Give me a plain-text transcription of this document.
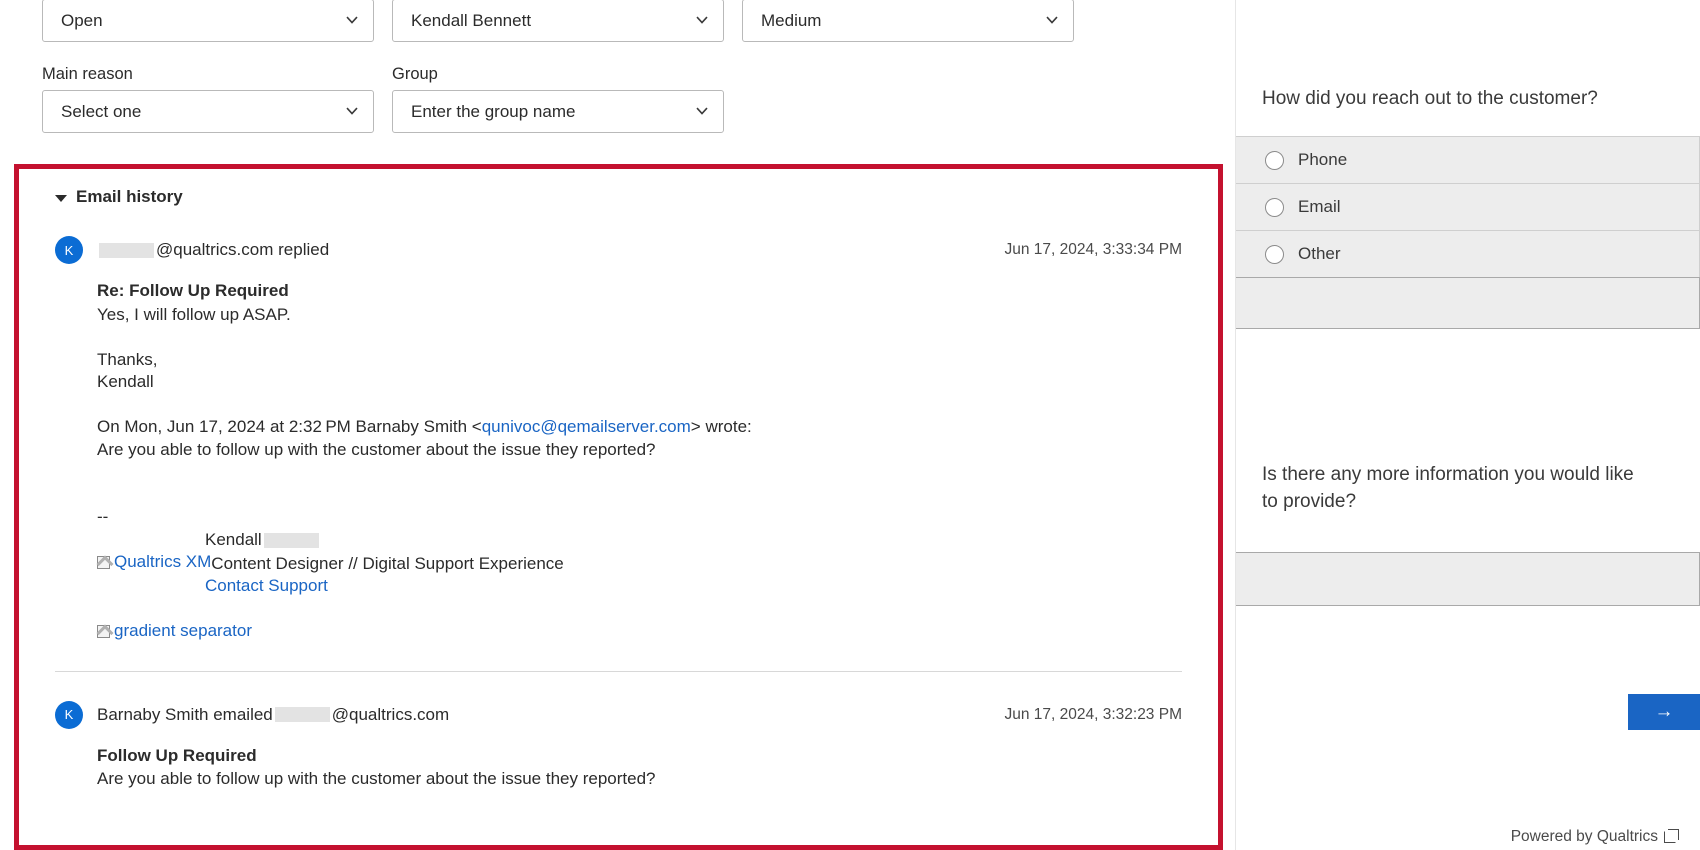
Open	Kendall Bennett	Medium
Main reason
Select one
Group
Enter the group name
Email history
K	@qualtrics.com replied	Jun 17, 2024, 3:33:34 PM
Re: Follow Up Required
Yes, I will follow up ASAP.
Thanks,
Kendall
On Mon, Jun 17, 2024 at 2:32 PM Barnaby Smith <qunivoc@qemailserver.com> wrote:
Are you able to follow up with the customer about the issue they reported?
--
Kendall
Qualtrics XM Content Designer // Digital Support Experience
Contact Support
gradient separator
K	Barnaby Smith emailed	@qualtrics.com	Jun 17, 2024, 3:32:23 PM
Follow Up Required
Are you able to follow up with the customer about the issue they reported?
How did you reach out to the customer?
Phone
Email
Other
Is there any more information you would like to provide?
→
Powered by Qualtrics
